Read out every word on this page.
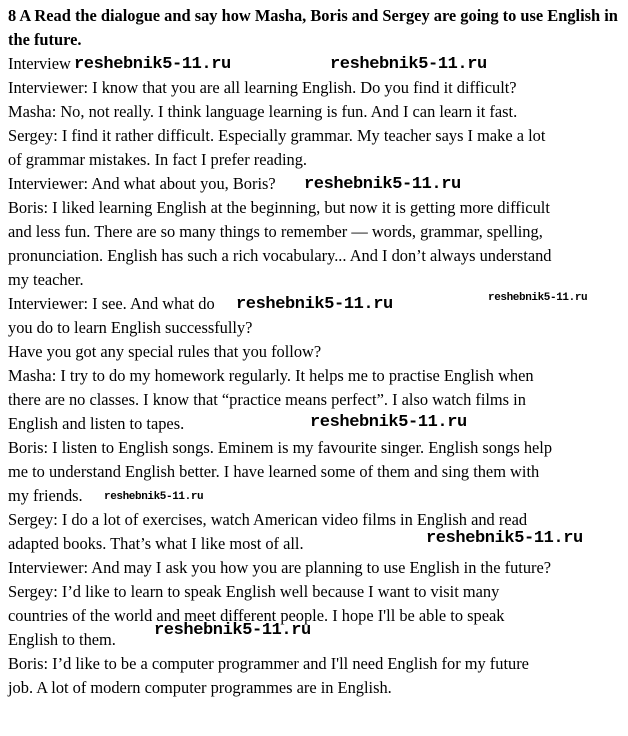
8 A Read the dialogue and say how Masha, Boris and Sergey are going to use English in the future.

Interview

Interviewer: I know that you are all learning English. Do you find it difficult?

Masha: No, not really. I think language learning is fun. And I can learn it fast.

Sergey: I find it rather difficult. Especially grammar. My teacher says I make a lot

of grammar mistakes. In fact I prefer reading.

Interviewer: And what about you, Boris?

Boris: I liked learning English at the beginning, but now it is getting more difficult

and less fun. There are so many things to remember — words, grammar, spelling,

pronunciation. English has such a rich vocabulary... And I don’t always understand

my teacher.

Interviewer: I see. And what do

you do to learn English successfully?

Have you got any special rules that you follow?

Masha: I try to do my homework regularly. It helps me to practise English when

there are no classes. I know that “practice means perfect”. I also watch films in

English and listen to tapes.

Boris: I listen to English songs. Eminem is my favourite singer. English songs help

me to understand English better. I have learned some of them and sing them with

my friends.

Sergey: I do a lot of exercises, watch American video films in English and read

adapted books. That’s what I like most of all.

Interviewer: And may I ask you how you are planning to use English in the future?

Sergey: I’d like to learn to speak English well because I want to visit many

countries of the world and meet different people. I hope I'll be able to speak

English to them.

Boris: I’d like to be a computer programmer and I'll need English for my future

job. A lot of modern computer programmes are in English.

reshebnik5-11.ru	reshebnik5-11.ru
reshebnik5-11.ru
reshebnik5-11.ru	reshebnik5-11.ru
reshebnik5-11.ru
reshebnik5-11.ru
reshebnik5-11.ru
reshebnik5-11.ru
